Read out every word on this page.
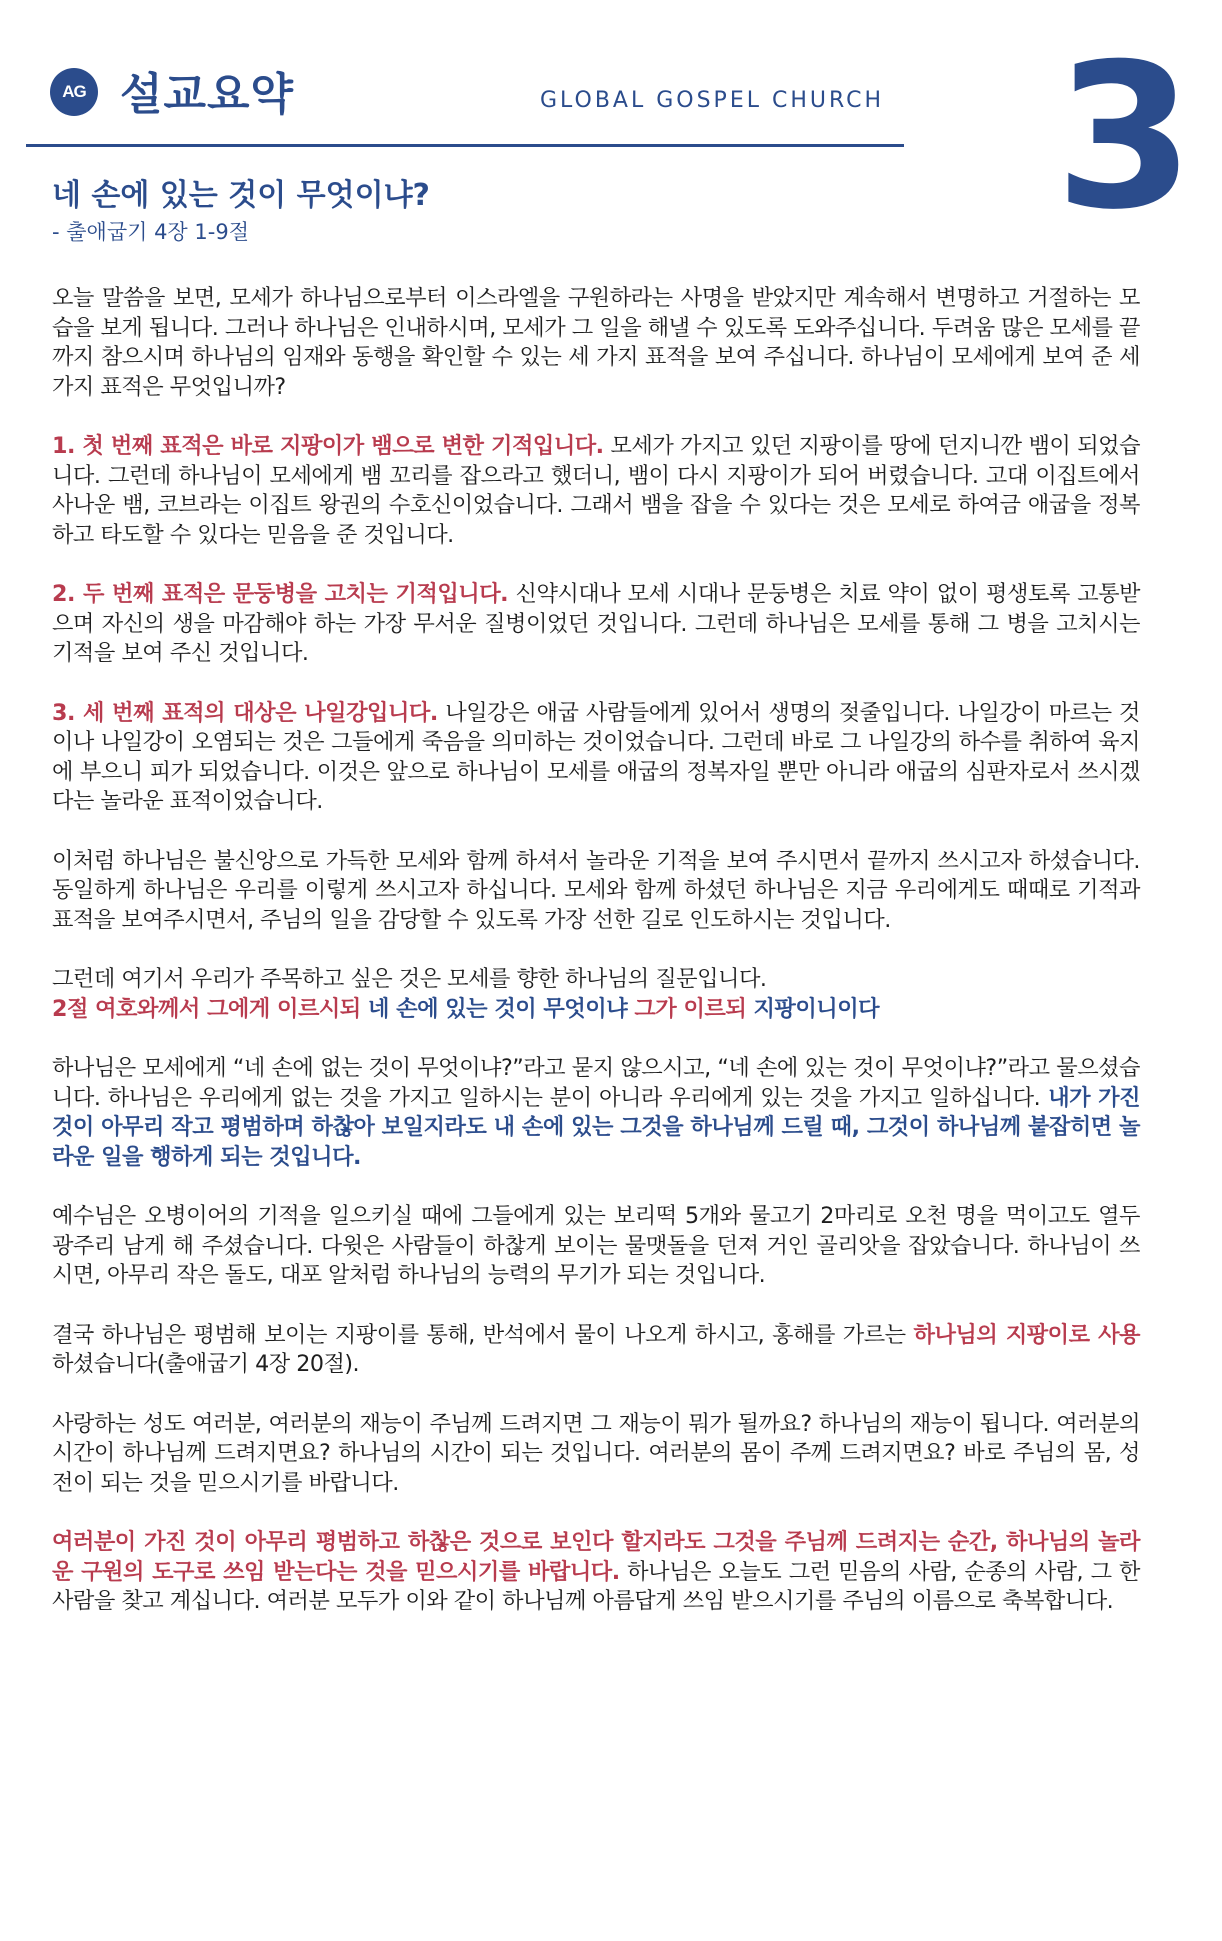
AG 설교요약	GLOBAL GOSPEL CHURCH 3
네 손에 있는 것이 무엇이냐?
- 출애굽기 4장 1-9절

오늘 말씀을 보면, 모세가 하나님으로부터 이스라엘을 구원하라는 사명을 받았지만 계속해서 변명하고 거절하는 모습을 보게 됩니다. 그러나 하나님은 인내하시며, 모세가 그 일을 해낼 수 있도록 도와주십니다. 두려움 많은 모세를 끝까지 참으시며 하나님의 임재와 동행을 확인할 수 있는 세 가지 표적을 보여 주십니다. 하나님이 모세에게 보여 준 세 가지 표적은 무엇입니까?

1. 첫 번째 표적은 바로 지팡이가 뱀으로 변한 기적입니다. 모세가 가지고 있던 지팡이를 땅에 던지니깐 뱀이 되었습니다. 그런데 하나님이 모세에게 뱀 꼬리를 잡으라고 했더니, 뱀이 다시 지팡이가 되어 버렸습니다. 고대 이집트에서 사나운 뱀, 코브라는 이집트 왕권의 수호신이었습니다. 그래서 뱀을 잡을 수 있다는 것은 모세로 하여금 애굽을 정복하고 타도할 수 있다는 믿음을 준 것입니다.

2. 두 번째 표적은 문둥병을 고치는 기적입니다. 신약시대나 모세 시대나 문둥병은 치료 약이 없이 평생토록 고통받으며 자신의 생을 마감해야 하는 가장 무서운 질병이었던 것입니다. 그런데 하나님은 모세를 통해 그 병을 고치시는 기적을 보여 주신 것입니다.

3. 세 번째 표적의 대상은 나일강입니다. 나일강은 애굽 사람들에게 있어서 생명의 젖줄입니다. 나일강이 마르는 것이나 나일강이 오염되는 것은 그들에게 죽음을 의미하는 것이었습니다. 그런데 바로 그 나일강의 하수를 취하여 육지에 부으니 피가 되었습니다. 이것은 앞으로 하나님이 모세를 애굽의 정복자일 뿐만 아니라 애굽의 심판자로서 쓰시겠다는 놀라운 표적이었습니다.

이처럼 하나님은 불신앙으로 가득한 모세와 함께 하셔서 놀라운 기적을 보여 주시면서 끝까지 쓰시고자 하셨습니다. 동일하게 하나님은 우리를 이렇게 쓰시고자 하십니다. 모세와 함께 하셨던 하나님은 지금 우리에게도 때때로 기적과 표적을 보여주시면서, 주님의 일을 감당할 수 있도록 가장 선한 길로 인도하시는 것입니다.

그런데 여기서 우리가 주목하고 싶은 것은 모세를 향한 하나님의 질문입니다.
2절 여호와께서 그에게 이르시되 네 손에 있는 것이 무엇이냐 그가 이르되 지팡이니이다

하나님은 모세에게 “네 손에 없는 것이 무엇이냐?”라고 묻지 않으시고, “네 손에 있는 것이 무엇이냐?”라고 물으셨습니다. 하나님은 우리에게 없는 것을 가지고 일하시는 분이 아니라 우리에게 있는 것을 가지고 일하십니다. 내가 가진 것이 아무리 작고 평범하며 하찮아 보일지라도 내 손에 있는 그것을 하나님께 드릴 때, 그것이 하나님께 붙잡히면 놀라운 일을 행하게 되는 것입니다.

예수님은 오병이어의 기적을 일으키실 때에 그들에게 있는 보리떡 5개와 물고기 2마리로 오천 명을 먹이고도 열두 광주리 남게 해 주셨습니다. 다윗은 사람들이 하찮게 보이는 물맷돌을 던져 거인 골리앗을 잡았습니다. 하나님이 쓰시면, 아무리 작은 돌도, 대포 알처럼 하나님의 능력의 무기가 되는 것입니다.

결국 하나님은 평범해 보이는 지팡이를 통해, 반석에서 물이 나오게 하시고, 홍해를 가르는 하나님의 지팡이로 사용하셨습니다(출애굽기 4장 20절).

사랑하는 성도 여러분, 여러분의 재능이 주님께 드려지면 그 재능이 뭐가 될까요? 하나님의 재능이 됩니다. 여러분의 시간이 하나님께 드려지면요? 하나님의 시간이 되는 것입니다. 여러분의 몸이 주께 드려지면요? 바로 주님의 몸, 성전이 되는 것을 믿으시기를 바랍니다.

여러분이 가진 것이 아무리 평범하고 하찮은 것으로 보인다 할지라도 그것을 주님께 드려지는 순간, 하나님의 놀라운 구원의 도구로 쓰임 받는다는 것을 믿으시기를 바랍니다. 하나님은 오늘도 그런 믿음의 사람, 순종의 사람, 그 한 사람을 찾고 계십니다. 여러분 모두가 이와 같이 하나님께 아름답게 쓰임 받으시기를 주님의 이름으로 축복합니다.
